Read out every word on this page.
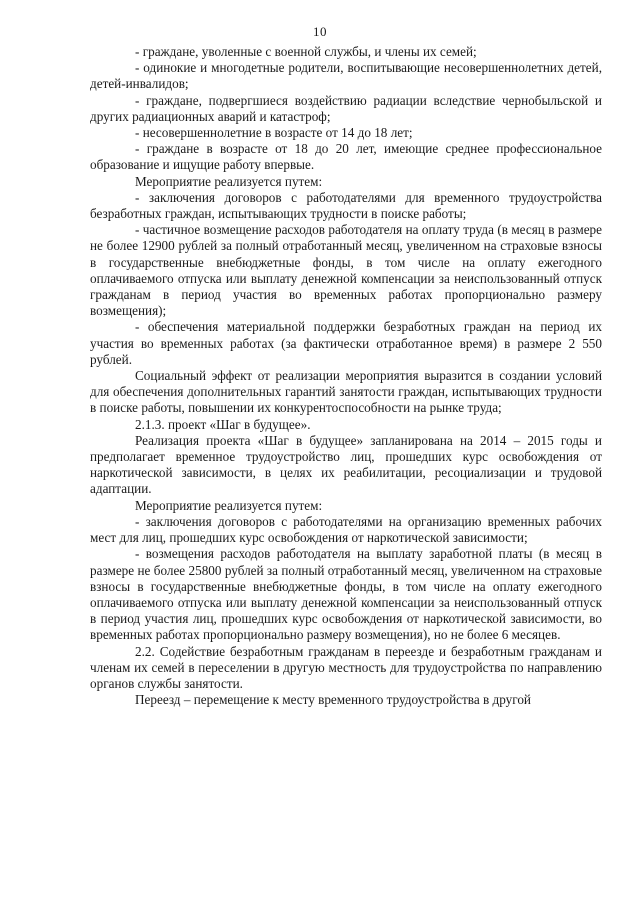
10

- граждане, уволенные с военной службы, и члены их семей;

- одинокие и многодетные родители, воспитывающие несовершеннолетних детей, детей-инвалидов;

- граждане, подвергшиеся воздействию радиации вследствие чернобыльской и других радиационных аварий и катастроф;

- несовершеннолетние в возрасте от 14 до 18 лет;

- граждане в возрасте от 18 до 20 лет, имеющие среднее профессиональное образование и ищущие работу впервые.

Мероприятие реализуется путем:

- заключения договоров с работодателями для временного трудоустройства безработных граждан, испытывающих трудности в поиске работы;

- частичное возмещение расходов работодателя на оплату труда (в месяц в размере не более 12900 рублей за полный отработанный месяц, увеличенном на страховые взносы в государственные внебюджетные фонды, в том числе на оплату ежегодного оплачиваемого отпуска или выплату денежной компенсации за неиспользованный отпуск гражданам в период участия во временных работах пропорционально размеру возмещения);

- обеспечения материальной поддержки безработных граждан на период их участия во временных работах (за фактически отработанное время) в размере 2 550 рублей.

Социальный эффект от реализации мероприятия выразится в создании условий для обеспечения дополнительных гарантий занятости граждан, испытывающих трудности в поиске работы, повышении их конкурентоспособности на рынке труда;

2.1.3. проект «Шаг в будущее».

Реализация проекта «Шаг в будущее» запланирована на 2014 – 2015 годы и предполагает временное трудоустройство лиц, прошедших курс освобождения от наркотической зависимости, в целях их реабилитации, ресоциализации и трудовой адаптации.

Мероприятие реализуется путем:

- заключения договоров с работодателями на организацию временных рабочих мест для лиц, прошедших курс освобождения от наркотической зависимости;

- возмещения расходов работодателя на выплату заработной платы (в месяц в размере не более 25800 рублей за полный отработанный месяц, увеличенном на страховые взносы в государственные внебюджетные фонды, в том числе на оплату ежегодного оплачиваемого отпуска или выплату денежной компенсации за неиспользованный отпуск в период участия лиц, прошедших курс освобождения от наркотической зависимости, во временных работах пропорционально размеру возмещения), но не более 6 месяцев.

2.2. Содействие безработным гражданам в переезде и безработным гражданам и членам их семей в переселении в другую местность для трудоустройства по направлению органов службы занятости.

Переезд – перемещение к месту временного трудоустройства в другой
